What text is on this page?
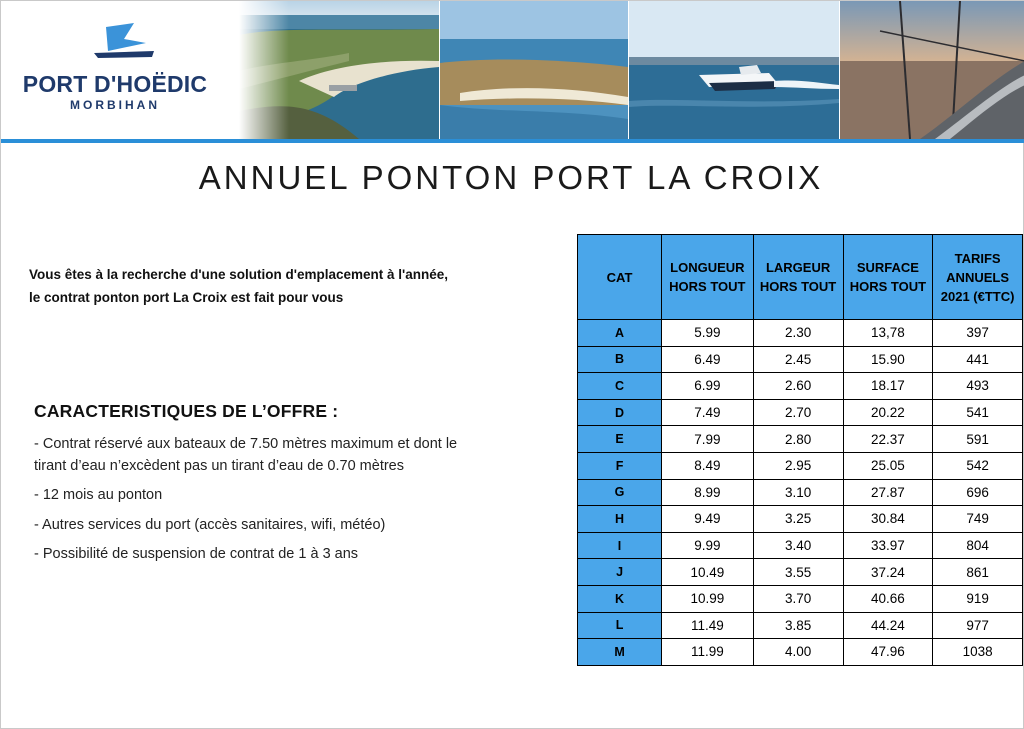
PORT D'HOËDIC
MORBIHAN
ANNUEL PONTON PORT LA CROIX
Vous êtes à la recherche d'une solution d'emplacement à l'année, le contrat ponton port La Croix est fait pour vous
CARACTERISTIQUES DE L’OFFRE :
- Contrat réservé aux bateaux de 7.50 mètres maximum et dont le tirant d’eau n’excèdent pas un tirant d’eau de 0.70 mètres
- 12 mois au ponton
- Autres services du port (accès sanitaires, wifi, météo)
- Possibilité de suspension de contrat de 1 à 3 ans
CAT	LONGUEUR HORS TOUT	LARGEUR HORS TOUT	SURFACE HORS TOUT	TARIFS ANNUELS 2021 (€TTC)
A	5.99	2.30	13,78	397
B	6.49	2.45	15.90	441
C	6.99	2.60	18.17	493
D	7.49	2.70	20.22	541
E	7.99	2.80	22.37	591
F	8.49	2.95	25.05	542
G	8.99	3.10	27.87	696
H	9.49	3.25	30.84	749
I	9.99	3.40	33.97	804
J	10.49	3.55	37.24	861
K	10.99	3.70	40.66	919
L	11.49	3.85	44.24	977
M	11.99	4.00	47.96	1038
